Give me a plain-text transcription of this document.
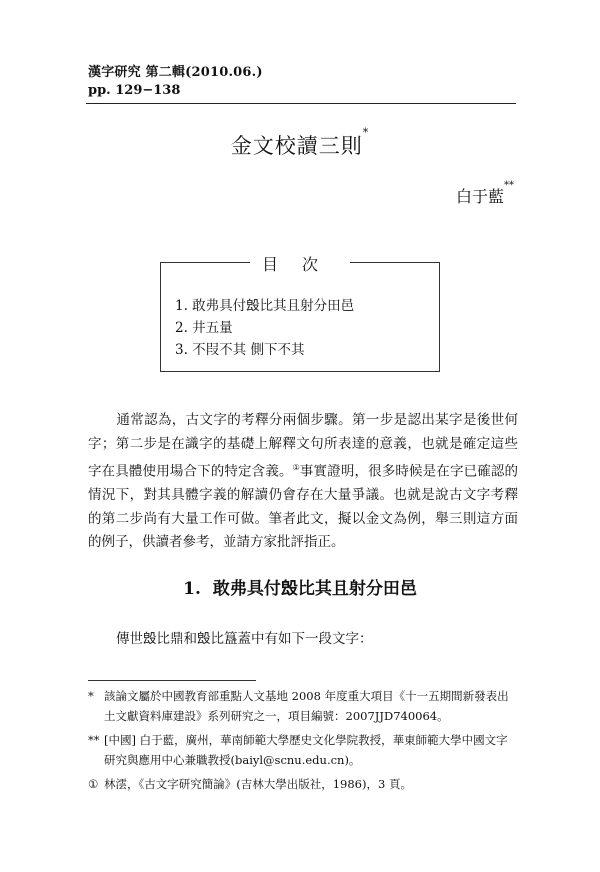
漢字研究 第二輯(2010.06.)
pp. 129−138
金文校讀三則*
白于藍**
目次
1. 敢弗具付𣪕比其且射分田邑
2. 井五量
3. 不叚不其 側下不其
通常認為，古文字的考釋分兩個步驟。第一步是認出某字是後世何字；第二步是在識字的基礎上解釋文句所表達的意義，也就是確定這些字在具體使用場合下的特定含義。①事實證明，很多時候是在字已確認的情況下，對其具體字義的解讀仍會存在大量爭議。也就是說古文字考釋的第二步尚有大量工作可做。筆者此文，擬以金文為例，舉三則這方面的例子，供讀者參考，並請方家批評指正。
1. 敢弗具付𣪕比其且射分田邑
傳世𣪕比鼎和𣪕比簋蓋中有如下一段文字：
* 該論文屬於中國教育部重點人文基地 2008 年度重大項目《十一五期間新發表出土文獻資料庫建設》系列研究之一，項目編號：2007JJD740064。
** [中國] 白于藍，廣州，華南師範大學歷史文化學院教授，華東師範大學中國文字研究與應用中心兼職教授(baiyl@scnu.edu.cn)。
① 林澐，《古文字研究簡論》(吉林大學出版社，1986)，3 頁。
